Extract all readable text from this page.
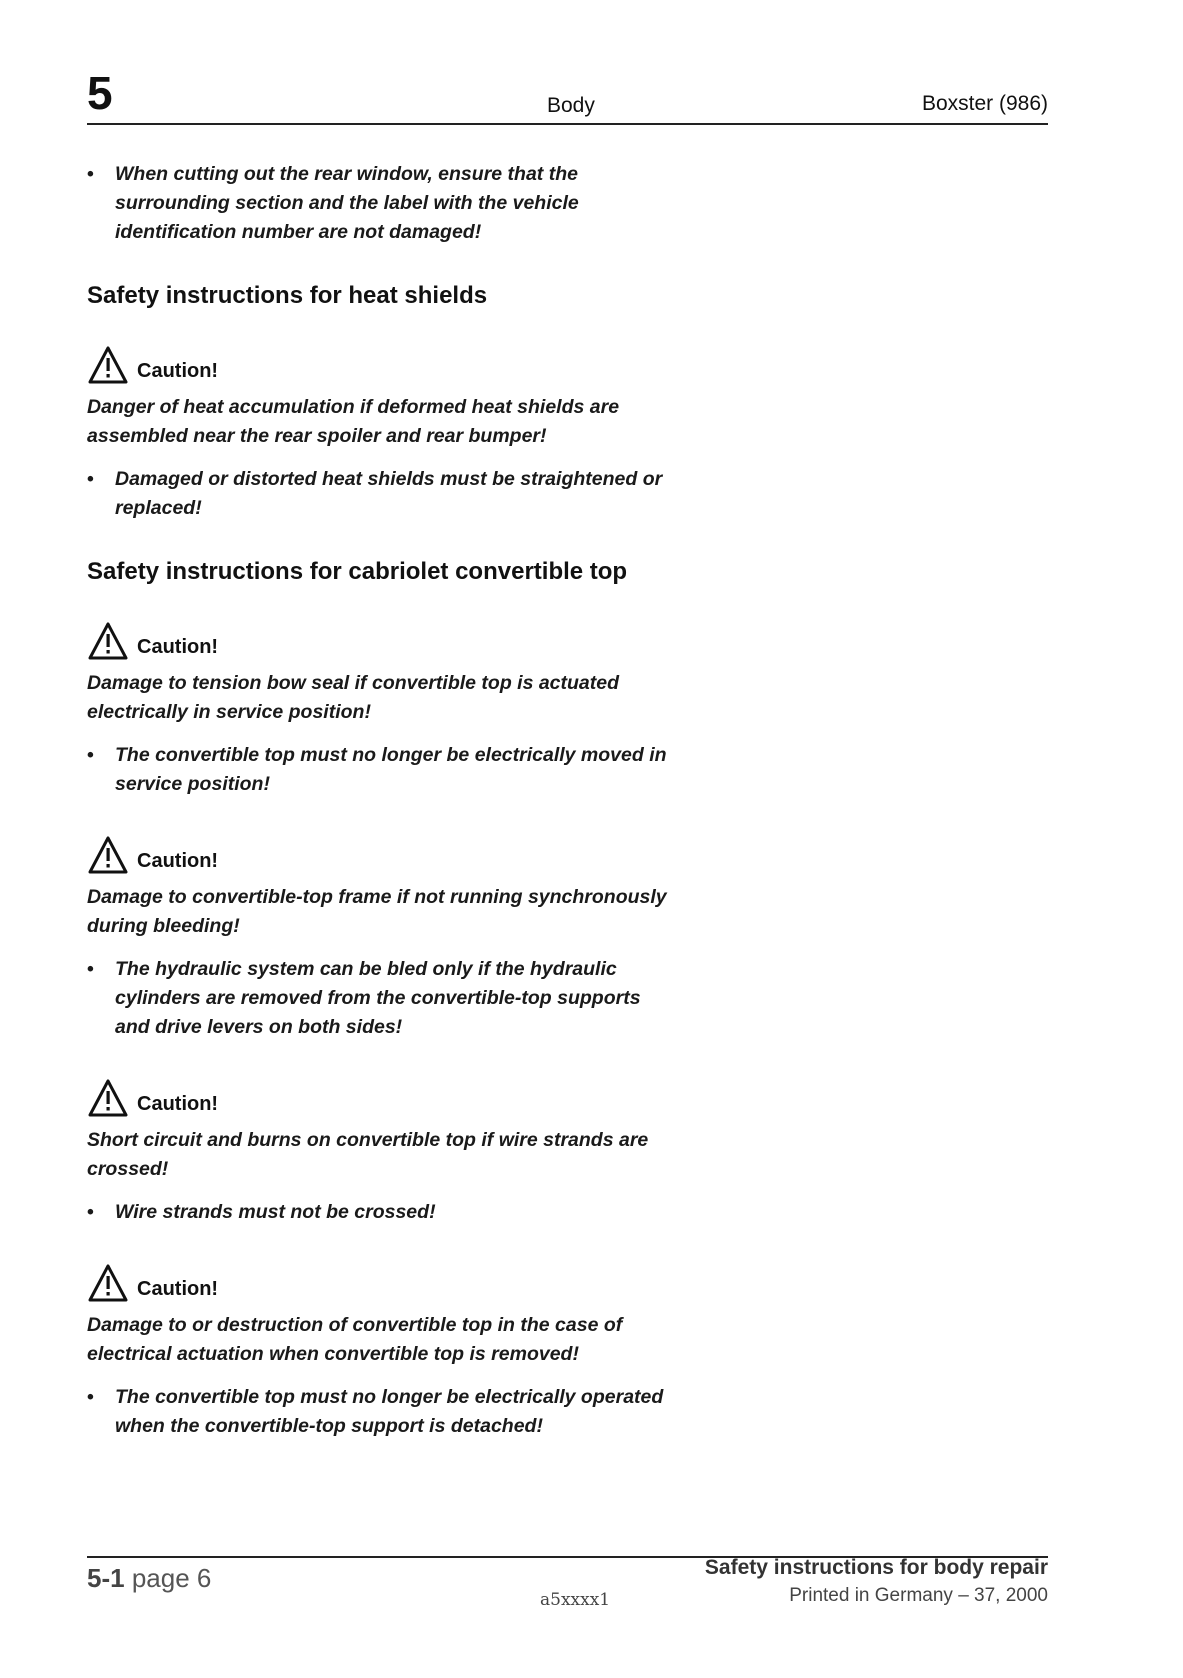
5	Body	Boxster (986)
• When cutting out the rear window, ensure that the surrounding section and the label with the vehicle identification number are not damaged!
Safety instructions for heat shields
Caution!
Danger of heat accumulation if deformed heat shields are assembled near the rear spoiler and rear bumper!
• Damaged or distorted heat shields must be straightened or replaced!
Safety instructions for cabriolet convertible top
Caution!
Damage to tension bow seal if convertible top is actuated electrically in service position!
• The convertible top must no longer be electrically moved in service position!
Caution!
Damage to convertible-top frame if not running synchronously during bleeding!
• The hydraulic system can be bled only if the hydraulic cylinders are removed from the convertible-top supports and drive levers on both sides!
Caution!
Short circuit and burns on convertible top if wire strands are crossed!
• Wire strands must not be crossed!
Caution!
Damage to or destruction of convertible top in the case of electrical actuation when convertible top is removed!
• The convertible top must no longer be electrically operated when the convertible-top support is detached!
5-1 page 6
a5xxxx1
Safety instructions for body repair
Printed in Germany – 37, 2000
